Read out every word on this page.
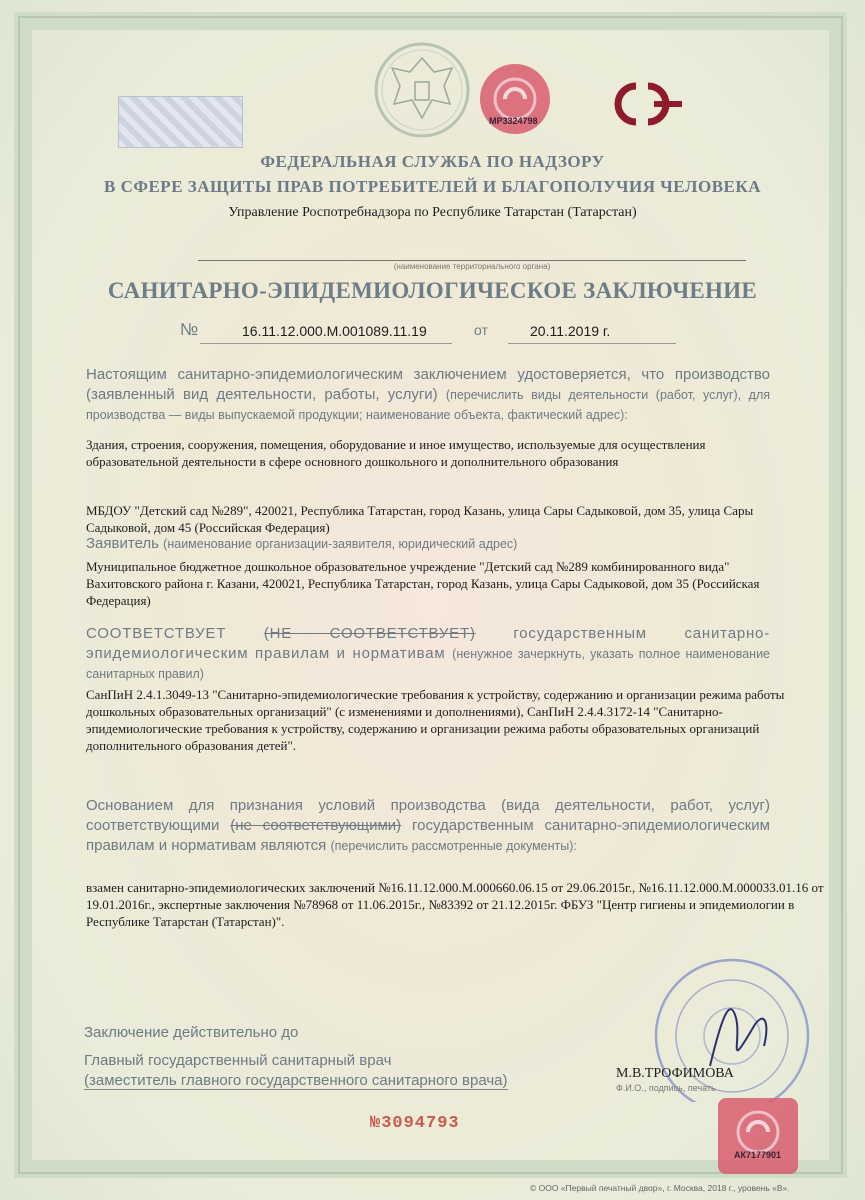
MP3324798
ФЕДЕРАЛЬНАЯ СЛУЖБА ПО НАДЗОРУ
В СФЕРЕ ЗАЩИТЫ ПРАВ ПОТРЕБИТЕЛЕЙ И БЛАГОПОЛУЧИЯ ЧЕЛОВЕКА
Управление Роспотребнадзора по Республике Татарстан (Татарстан)
(наименование территориального органа)
САНИТАРНО-ЭПИДЕМИОЛОГИЧЕСКОЕ ЗАКЛЮЧЕНИЕ
№	16.11.12.000.М.001089.11.19	от	20.11.2019 г.
Настоящим санитарно-эпидемиологическим заключением удостоверяется, что производство (заявленный вид деятельности, работы, услуги) (перечислить виды деятельности (работ, услуг), для производства — виды выпускаемой продукции; наименование объекта, фактический адрес):
Здания, строения, сооружения, помещения, оборудование и иное имущество, используемые для осуществления образовательной деятельности в сфере основного дошкольного и дополнительного образования
МБДОУ "Детский сад №289", 420021, Республика Татарстан, город Казань, улица Сары Садыковой, дом 35, улица Сары Садыковой, дом 45 (Российская Федерация)
Заявитель (наименование организации-заявителя, юридический адрес)
Муниципальное бюджетное дошкольное образовательное учреждение "Детский сад №289 комбинированного вида" Вахитовского района г. Казани, 420021, Республика Татарстан, город Казань, улица Сары Садыковой, дом 35 (Российская Федерация)
СООТВЕТСТВУЕТ	(НЕ СООТВЕТСТВУЕТ)	государственным санитарно-эпидемиологическим правилам и нормативам (ненужное зачеркнуть, указать полное наименование санитарных правил)
СанПиН 2.4.1.3049-13 "Санитарно-эпидемиологические требования к устройству, содержанию и организации режима работы дошкольных образовательных организаций" (с изменениями и дополнениями), СанПиН 2.4.4.3172-14 "Санитарно-эпидемиологические требования к устройству, содержанию и организации режима работы образовательных организаций дополнительного образования детей".
Основанием для признания условий производства (вида деятельности, работ, услуг) соответствующими (не соответствующими) государственным санитарно-эпидемиологическим правилам и нормативам являются (перечислить рассмотренные документы):
взамен санитарно-эпидемиологических заключений №16.11.12.000.М.000660.06.15 от 29.06.2015г., №16.11.12.000.М.000033.01.16 от 19.01.2016г., экспертные заключения №78968 от 11.06.2015г., №83392 от 21.12.2015г. ФБУЗ "Центр гигиены и эпидемиологии в Республике Татарстан (Татарстан)".
Заключение действительно до
Главный государственный санитарный врач
(заместитель главного государственного санитарного врача)	М.В.ТРОФИМОВА
Ф.И.О., подпись, печать
№3094793
АК7177901
© ООО «Первый печатный двор», г. Москва, 2018 г., уровень «В».
